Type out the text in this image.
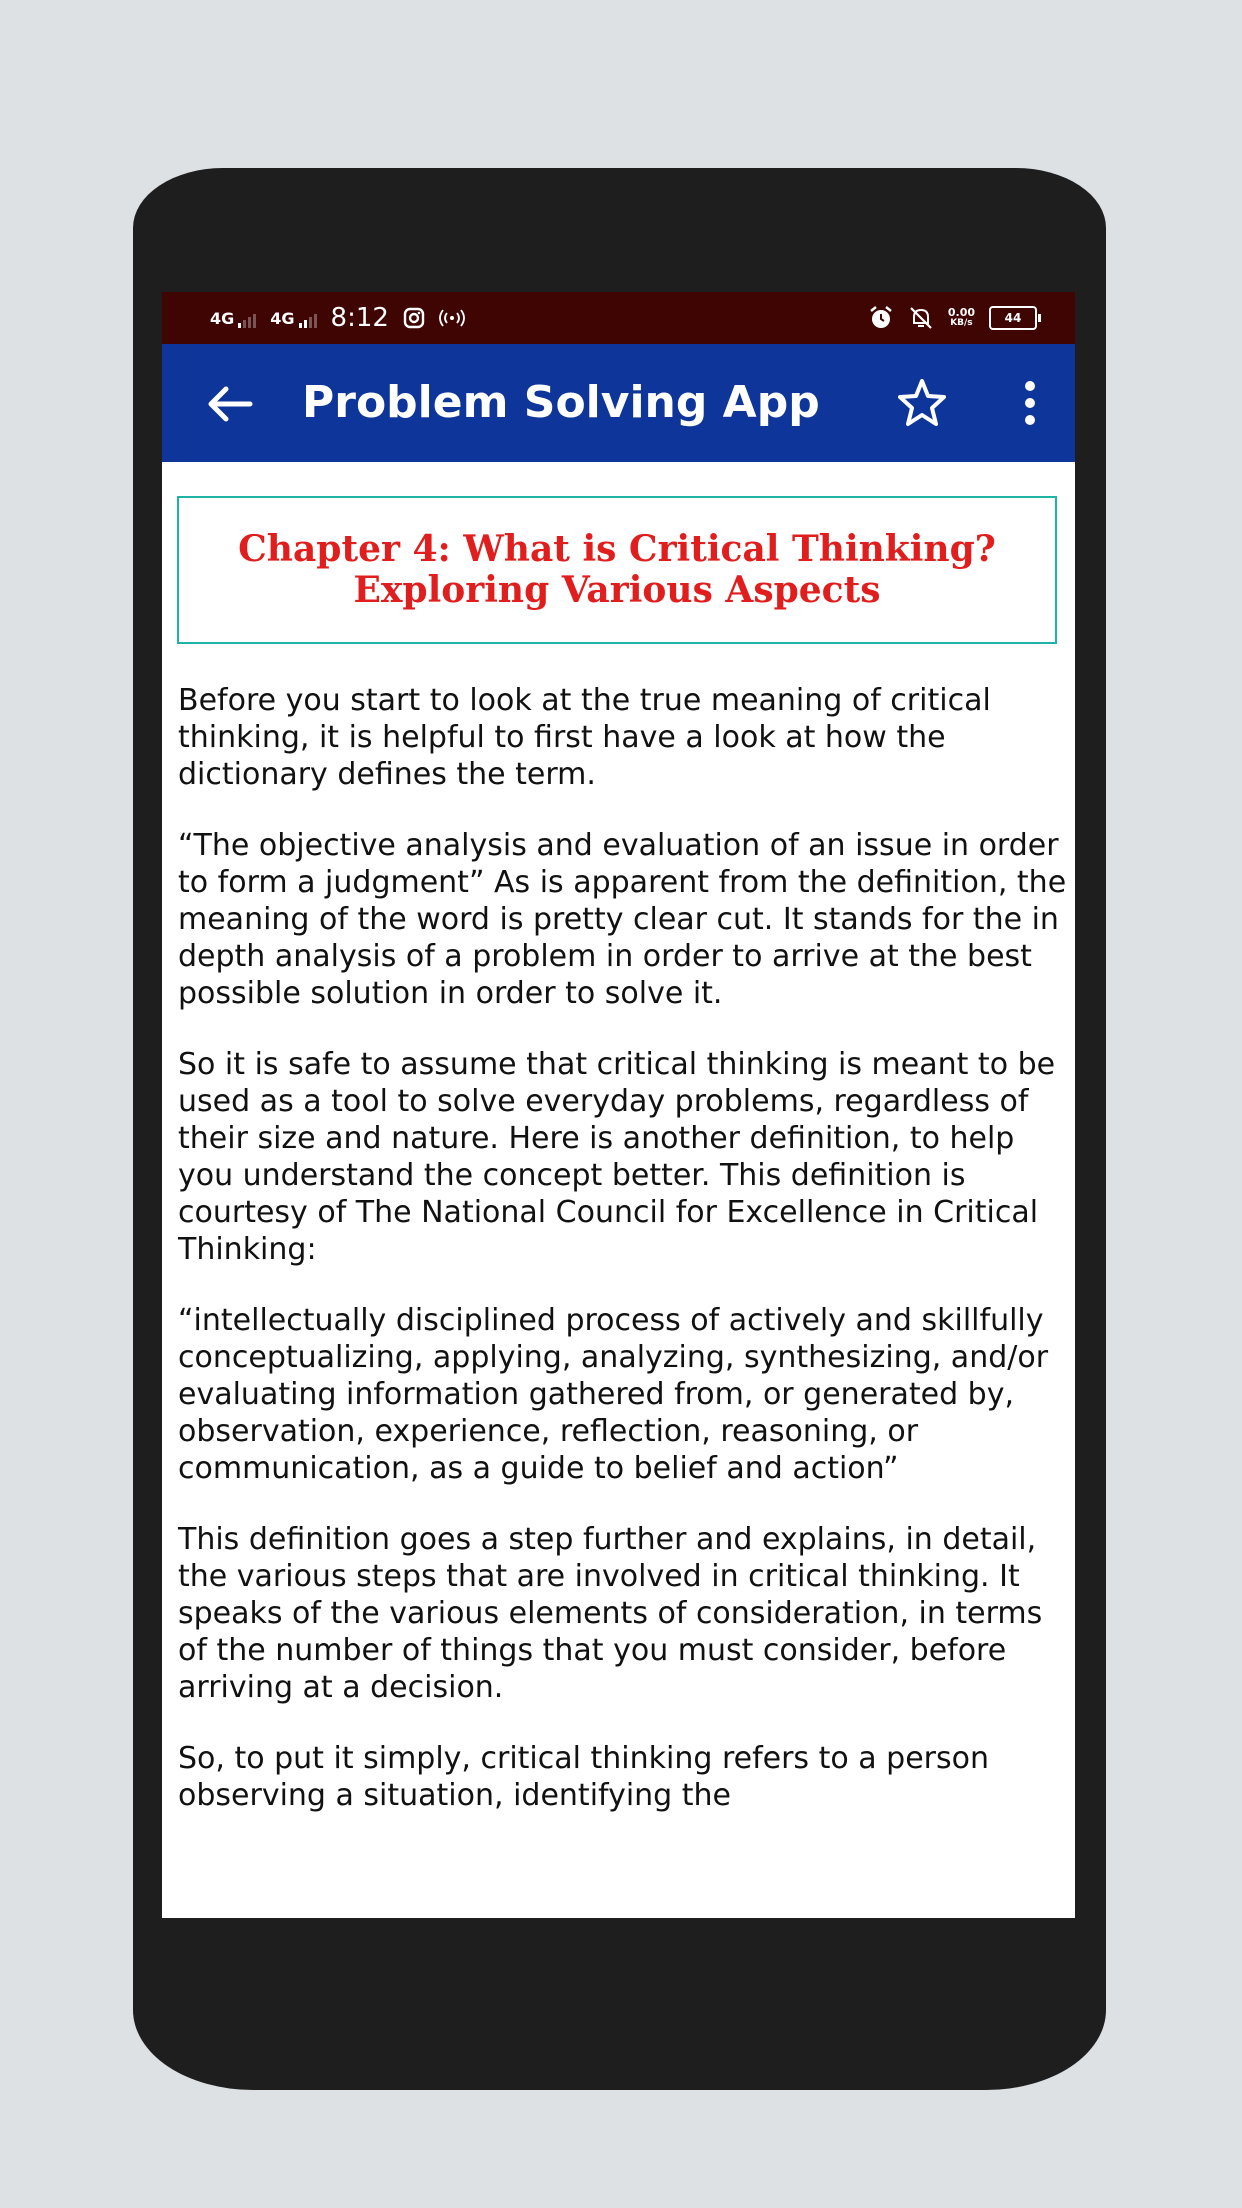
4G 4G 8:12	0.00
KB/s	44
Problem Solving App
Chapter 4: What is Critical Thinking? Exploring Various Aspects

Before you start to look at the true meaning of critical thinking, it is helpful to first have a look at how the dictionary defines the term.

“The objective analysis and evaluation of an issue in order to form a judgment” As is apparent from the definition, the meaning of the word is pretty clear cut. It stands for the in depth analysis of a problem in order to arrive at the best possible solution in order to solve it.

So it is safe to assume that critical thinking is meant to be used as a tool to solve everyday problems, regardless of their size and nature. Here is another definition, to help you understand the concept better. This definition is courtesy of The National Council for Excellence in Critical Thinking:

“intellectually disciplined process of actively and skillfully conceptualizing, applying, analyzing, synthesizing, and/or evaluating information gathered from, or generated by, observation, experience, reflection, reasoning, or communication, as a guide to belief and action”

This definition goes a step further and explains, in detail, the various steps that are involved in critical thinking. It speaks of the various elements of consideration, in terms of the number of things that you must consider, before arriving at a decision.

So, to put it simply, critical thinking refers to a person observing a situation, identifying the
